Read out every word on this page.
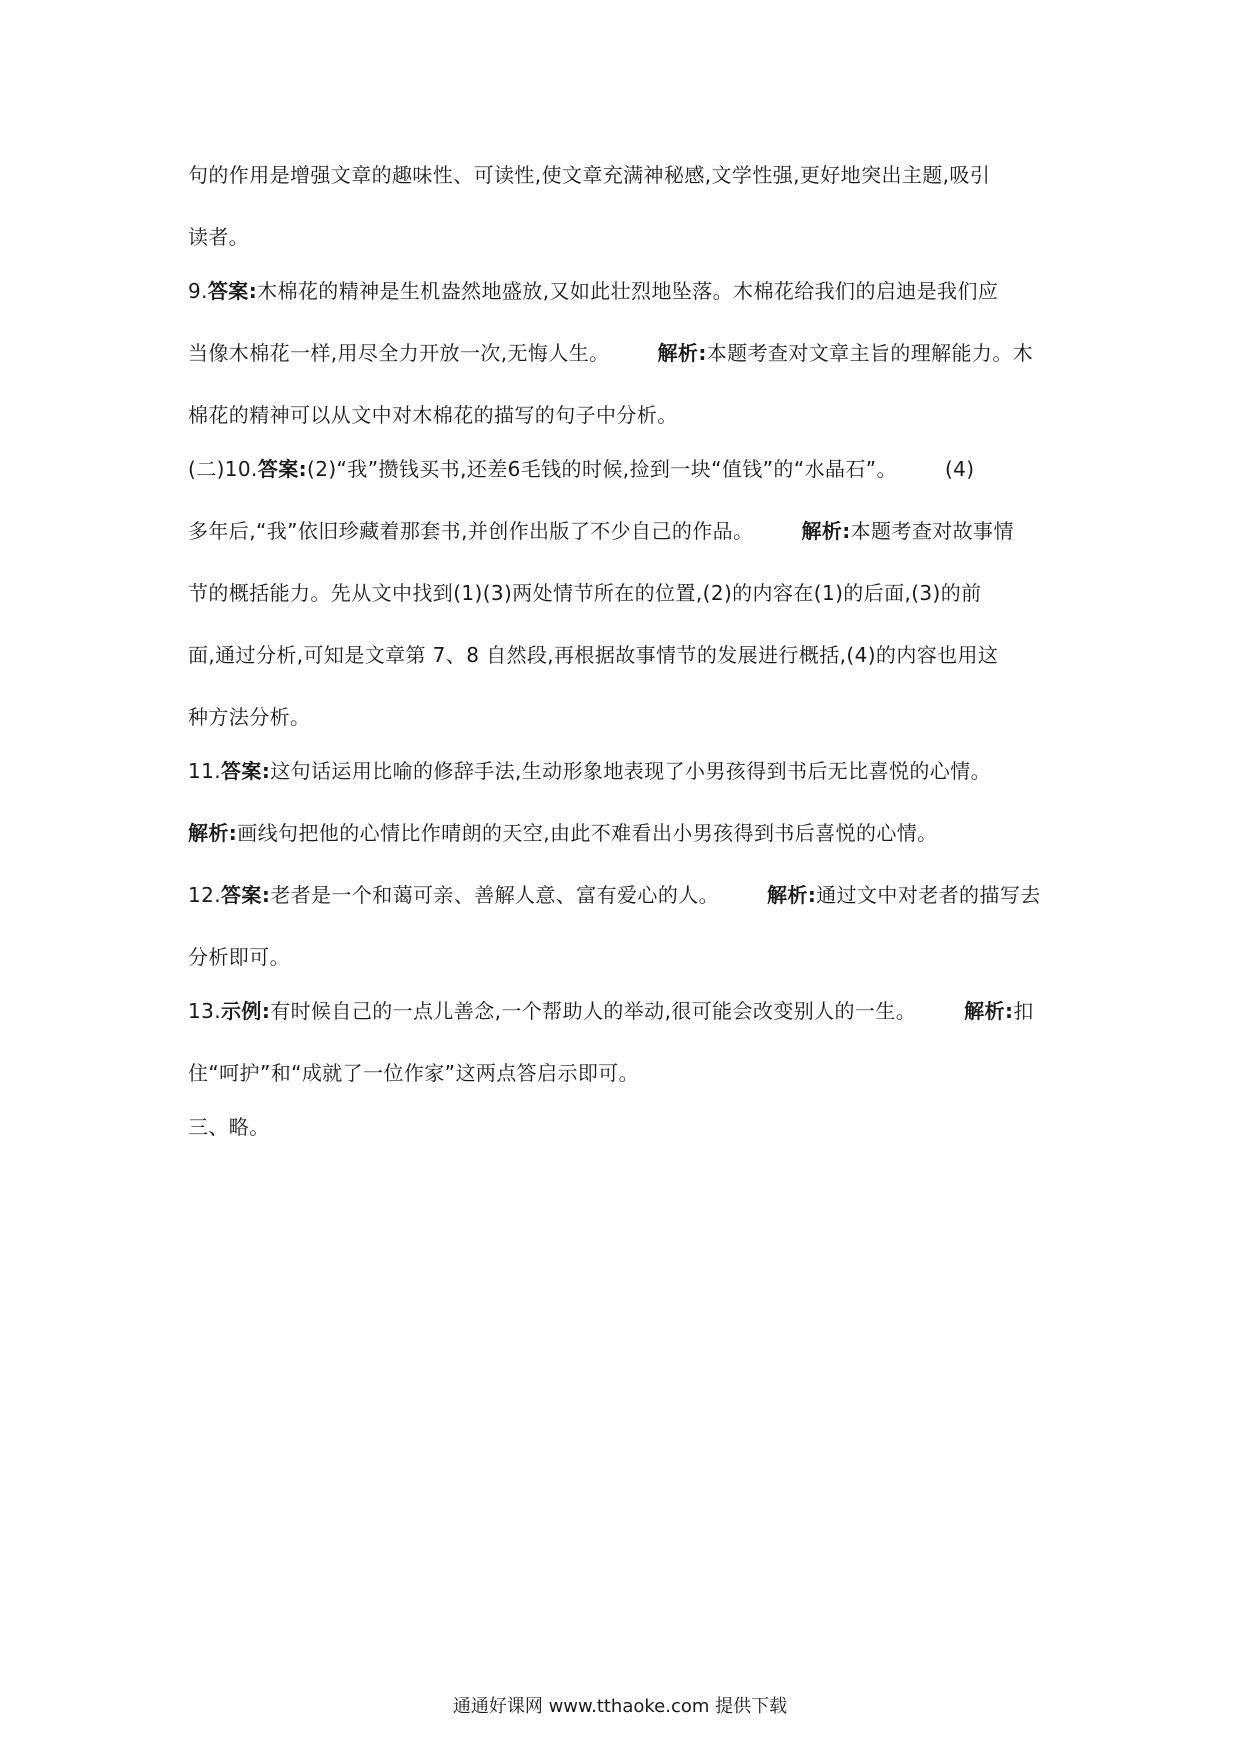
句的作用是增强文章的趣味性、可读性,使文章充满神秘感,文学性强,更好地突出主题,吸引
读者。
9.答案:木棉花的精神是生机盎然地盛放,又如此壮烈地坠落。木棉花给我们的启迪是我们应
当像木棉花一样,用尽全力开放一次,无悔人生。 解析:本题考查对文章主旨的理解能力。木
棉花的精神可以从文中对木棉花的描写的句子中分析。
(二)10.答案:(2)“我”攒钱买书,还差6毛钱的时候,捡到一块“值钱”的“水晶石”。 (4)
多年后,“我”依旧珍藏着那套书,并创作出版了不少自己的作品。 解析:本题考查对故事情
节的概括能力。先从文中找到(1)(3)两处情节所在的位置,(2)的内容在(1)的后面,(3)的前
面,通过分析,可知是文章第 7、8 自然段,再根据故事情节的发展进行概括,(4)的内容也用这
种方法分析。
11.答案:这句话运用比喻的修辞手法,生动形象地表现了小男孩得到书后无比喜悦的心情。
解析:画线句把他的心情比作晴朗的天空,由此不难看出小男孩得到书后喜悦的心情。
12.答案:老者是一个和蔼可亲、善解人意、富有爱心的人。 解析:通过文中对老者的描写去
分析即可。
13.示例:有时候自己的一点儿善念,一个帮助人的举动,很可能会改变别人的一生。 解析:扣
住“呵护”和“成就了一位作家”这两点答启示即可。
三、略。
通通好课网 www.tthaoke.com 提供下载
